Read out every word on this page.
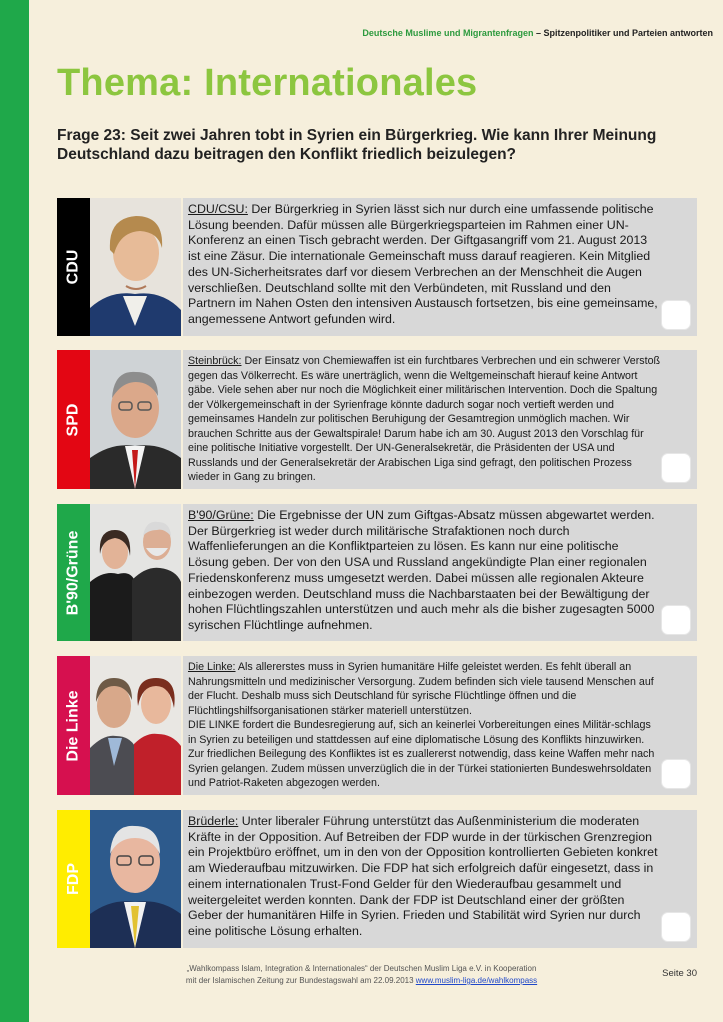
Deutsche Muslime und Migrantenfragen – Spitzenpolitiker und Parteien antworten
Thema: Internationales
Frage 23: Seit zwei Jahren tobt in Syrien ein Bürgerkrieg. Wie kann Ihrer Meinung Deutschland dazu beitragen den Konflikt friedlich beizulegen?
CDU

CDU/CSU: Der Bürgerkrieg in Syrien lässt sich nur durch eine umfassende politische Lösung beenden. Dafür müssen alle Bürgerkriegsparteien im Rahmen einer UN-Konferenz an einen Tisch gebracht werden. Der Giftgasangriff vom 21. August 2013 ist eine Zäsur. Die internationale Gemeinschaft muss darauf reagieren. Kein Mitglied des UN-Sicherheitsrates darf vor diesem Verbrechen an der Menschheit die Augen verschließen. Deutschland sollte mit den Verbündeten, mit Russland und den Partnern im Nahen Osten den intensiven Austausch fortsetzen, bis eine gemeinsame, angemessene Antwort gefunden wird.

SPD

Steinbrück: Der Einsatz von Chemiewaffen ist ein furchtbares Verbrechen und ein schwerer Verstoß gegen das Völkerrecht. Es wäre unerträglich, wenn die Weltgemeinschaft hierauf keine Antwort gäbe. Viele sehen aber nur noch die Möglichkeit einer militärischen Intervention. Doch die Spaltung der Völkergemeinschaft in der Syrienfrage könnte dadurch sogar noch vertieft werden und gemeinsames Handeln zur politischen Beruhigung der Gesamtregion unmöglich machen. Wir brauchen Schritte aus der Gewaltspirale! Darum habe ich am 30. August 2013 den Vorschlag für eine politische Initiative vorgestellt. Der UN-Generalsekretär, die Präsidenten der USA und Russlands und der Generalsekretär der Arabischen Liga sind gefragt, den politischen Prozess wieder in Gang zu bringen.

B'90/Grüne

B'90/Grüne: Die Ergebnisse der UN zum Giftgas-Absatz müssen abgewartet werden. Der Bürgerkrieg ist weder durch militärische Strafaktionen noch durch Waffenlieferungen an die Konfliktparteien zu lösen. Es kann nur eine politische Lösung geben. Der von den USA und Russland angekündigte Plan einer regionalen Friedenskonferenz muss umgesetzt werden. Dabei müssen alle regionalen Akteure einbezogen werden. Deutschland muss die Nachbarstaaten bei der Bewältigung der hohen Flüchtlingszahlen unterstützen und auch mehr als die bisher zugesagten 5000 syrischen Flüchtlinge aufnehmen.

Die Linke

Die Linke: Als allererstes muss in Syrien humanitäre Hilfe geleistet werden. Es fehlt überall an Nahrungsmitteln und medizinischer Versorgung. Zudem befinden sich viele tausend Menschen auf der Flucht. Deshalb muss sich Deutschland für syrische Flüchtlinge öffnen und die Flüchtlingshilfsorganisationen stärker materiell unterstützen.

DIE LINKE fordert die Bundesregierung auf, sich an keinerlei Vorbereitungen eines Militär-schlags in Syrien zu beteiligen und stattdessen auf eine diplomatische Lösung des Konflikts hinzuwirken. Zur friedlichen Beilegung des Konfliktes ist es zuallererst notwendig, dass keine Waffen mehr nach Syrien gelangen. Zudem müssen unverzüglich die in der Türkei stationierten Bundeswehrsoldaten und Patriot-Raketen abgezogen werden.

FDP

Brüderle: Unter liberaler Führung unterstützt das Außenministerium die moderaten Kräfte in der Opposition. Auf Betreiben der FDP wurde in der türkischen Grenzregion ein Projektbüro eröffnet, um in den von der Opposition kontrollierten Gebieten konkret am Wiederaufbau mitzuwirken. Die FDP hat sich erfolgreich dafür eingesetzt, dass in einem internationalen Trust-Fond Gelder für den Wiederaufbau gesammelt und weitergeleitet werden konnten. Dank der FDP ist Deutschland einer der größten Geber der humanitären Hilfe in Syrien. Frieden und Stabilität wird Syrien nur durch eine politische Lösung erhalten.

„Wahlkompass Islam, Integration & Internationales“ der Deutschen Muslim Liga e.V. in Kooperation
mit der Islamischen Zeitung zur Bundestagswahl am 22.09.2013 www.muslim-liga.de/wahlkompass
Seite 30
